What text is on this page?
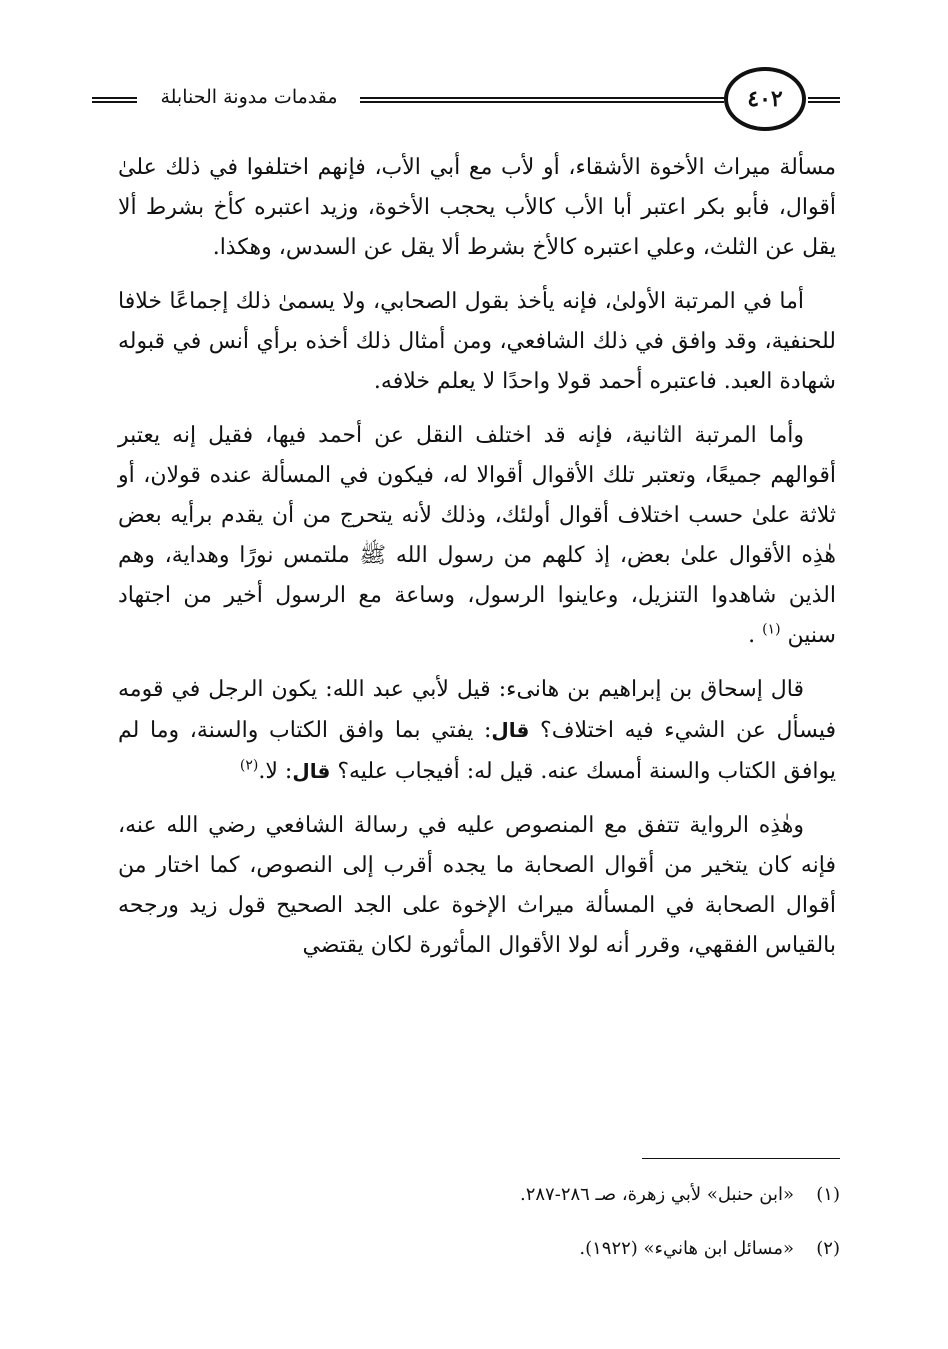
مقدمات مدونة الحنابلة	٤٠٢

مسألة ميراث الأخوة الأشقاء، أو لأب مع أبي الأب، فإنهم اختلفوا في ذلك علىٰ أقوال، فأبو بكر اعتبر أبا الأب كالأب يحجب الأخوة، وزيد اعتبره كأخ بشرط ألا يقل عن الثلث، وعلي اعتبره كالأخ بشرط ألا يقل عن السدس، وهكذا.

أما في المرتبة الأولىٰ، فإنه يأخذ بقول الصحابي، ولا يسمىٰ ذلك إجماعًا خلافا للحنفية، وقد وافق في ذلك الشافعي، ومن أمثال ذلك أخذه برأي أنس في قبوله شهادة العبد. فاعتبره أحمد قولا واحدًا لا يعلم خلافه.

وأما المرتبة الثانية، فإنه قد اختلف النقل عن أحمد فيها، فقيل إنه يعتبر أقوالهم جميعًا، وتعتبر تلك الأقوال أقوالا له، فيكون في المسألة عنده قولان، أو ثلاثة علىٰ حسب اختلاف أقوال أولئك، وذلك لأنه يتحرج من أن يقدم برأيه بعض هٰذِه الأقوال علىٰ بعض، إذ كلهم من رسول الله ﷺ ملتمس نورًا وهداية، وهم الذين شاهدوا التنزيل، وعاينوا الرسول، وساعة مع الرسول أخير من اجتهاد سنين $^{(١)}$ .

قال إسحاق بن إبراهيم بن هانىء: قيل لأبي عبد الله: يكون الرجل في قومه فيسأل عن الشيء فيه اختلاف؟ قال: يفتي بما وافق الكتاب والسنة، وما لم يوافق الكتاب والسنة أمسك عنه. قيل له: أفيجاب عليه؟ قال: لا.$^{(٢)}$

وهٰذِه الرواية تتفق مع المنصوص عليه في رسالة الشافعي رضي الله عنه، فإنه كان يتخير من أقوال الصحابة ما يجده أقرب إلى النصوص، كما اختار من أقوال الصحابة في المسألة ميراث الإخوة على الجد الصحيح قول زيد ورجحه بالقياس الفقهي، وقرر أنه لولا الأقوال المأثورة لكان يقتضي

(١)«ابن حنبل» لأبي زهرة، صـ ٢٨٦-٢٨٧.
(٢)«مسائل ابن هانيء» (١٩٢٢).
